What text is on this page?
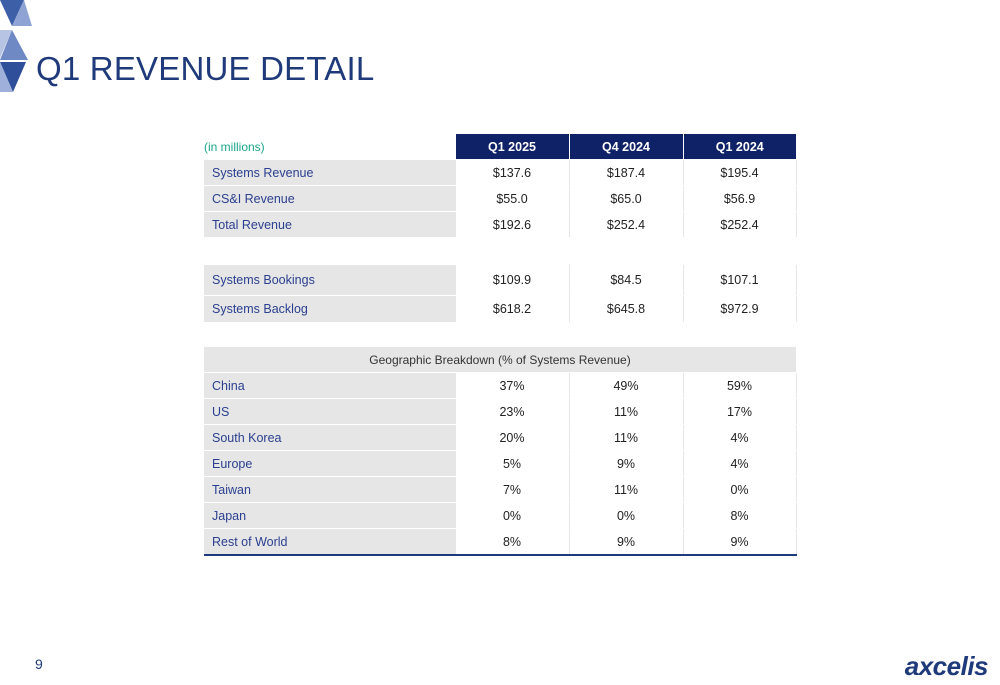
Q1 REVENUE DETAIL
(in millions)	Q1 2025	Q4 2024	Q1 2024
Systems Revenue	$137.6	$187.4	$195.4
CS&I Revenue	$55.0	$65.0	$56.9
Total Revenue	$192.6	$252.4	$252.4
Systems Bookings	$109.9	$84.5	$107.1
Systems Backlog	$618.2	$645.8	$972.9
Geographic Breakdown (% of Systems Revenue)			
China	37%	49%	59%
US	23%	11%	17%
South Korea	20%	11%	4%
Europe	5%	9%	4%
Taiwan	7%	11%	0%
Japan	0%	0%	8%
Rest of World	8%	9%	9%
9	axcelis
